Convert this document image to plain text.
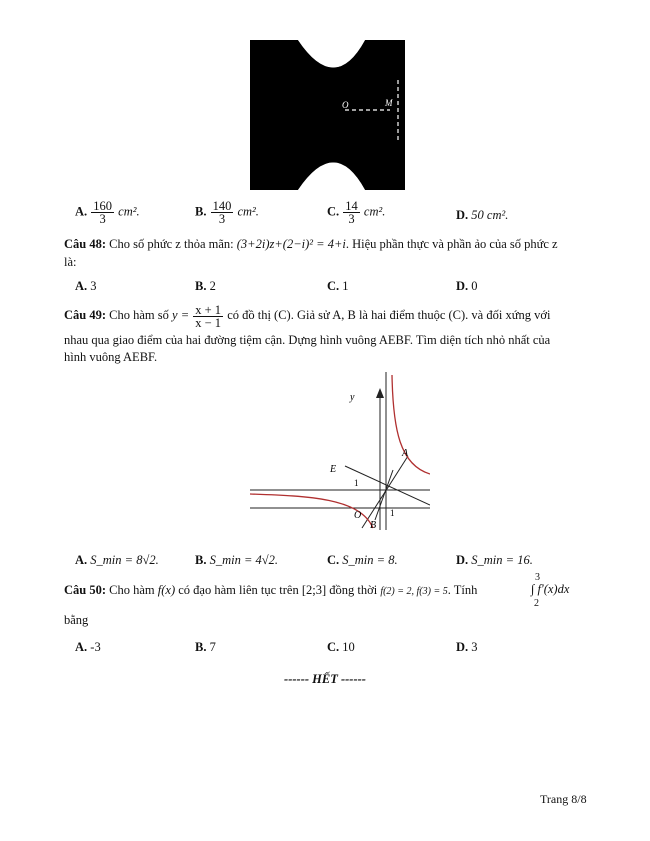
O	M
A. $\frac{160}{3} cm^2$.	B. $\frac{140}{3} cm^2$.	C. $\frac{14}{3} cm^2$.	D. 50 cm².
Câu 48: Cho số phức z thỏa mãn: (3+2i)z+(2−i)² = 4+i. Hiệu phần thực và phần ảo của số phức z
là:
A. 3	B. 2	C. 1	D. 0
Câu 49: Cho hàm số $y = \frac{x + 1}{x - 1}$ có đồ thị (C). Giả sử A, B là hai điểm thuộc (C). và đối xứng với
nhau qua giao điểm của hai đường tiệm cận. Dựng hình vuông AEBF. Tìm diện tích nhỏ nhất của
hình vuông AEBF.
y
A
E
1
O	1
B
A. S_min = 8√2.	B. S_min = 4√2.	C. S_min = 8.	D. S_min = 16.
Câu 50: Cho hàm f(x) có đạo hàm liên tục trên [2;3] đồng thời f(2) = 2, f(3) = 5. Tính
3
∫ f'(x)dx
2
bằng
A. -3	B. 7	C. 10	D. 3
------ HẾT ------
Trang 8/8
